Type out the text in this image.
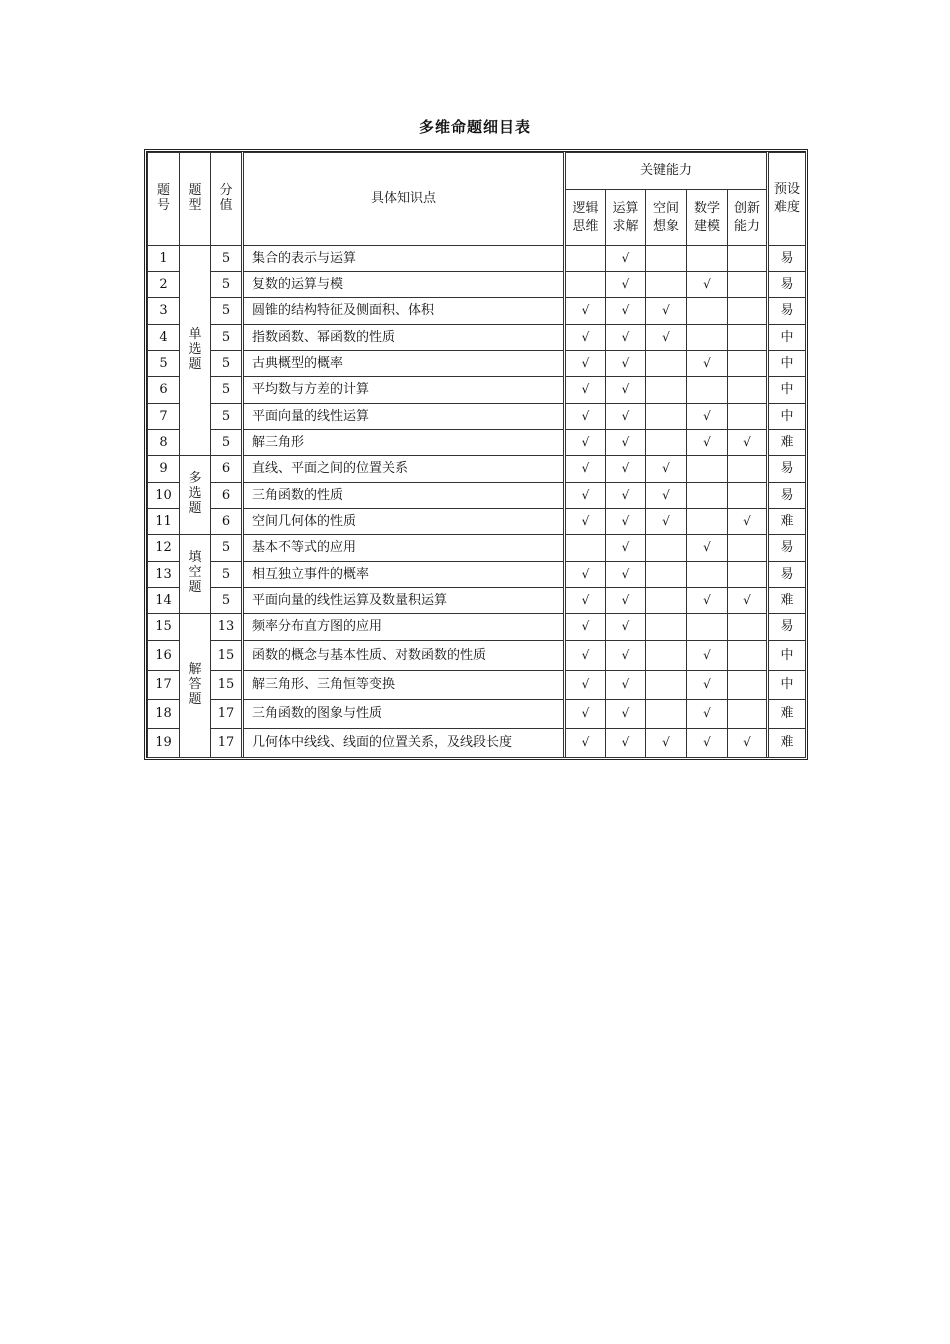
多维命题细目表
题号	题型	分值	具体知识点	关键能力					预设难度
				逻辑思维	运算求解	空间想象	数学建模	创新能力	
1	单选题	5	集合的表示与运算		√				易
2		5	复数的运算与模		√		√		易
3		5	圆锥的结构特征及侧面积、体积	√	√	√			易
4		5	指数函数、幂函数的性质	√	√	√			中
5		5	古典概型的概率	√	√		√		中
6		5	平均数与方差的计算	√	√				中
7		5	平面向量的线性运算	√	√		√		中
8		5	解三角形	√	√		√	√	难
9	多选题	6	直线、平面之间的位置关系	√	√	√			易
10		6	三角函数的性质	√	√	√			易
11		6	空间几何体的性质	√	√	√		√	难
12	填空题	5	基本不等式的应用		√		√		易
13		5	相互独立事件的概率	√	√				易
14		5	平面向量的线性运算及数量积运算	√	√		√	√	难
15	解答题	13	频率分布直方图的应用	√	√				易
16		15	函数的概念与基本性质、对数函数的性质	√	√		√		中
17		15	解三角形、三角恒等变换	√	√		√		中
18		17	三角函数的图象与性质	√	√		√		难
19		17	几何体中线线、线面的位置关系，及线段长度	√	√	√	√	√	难
